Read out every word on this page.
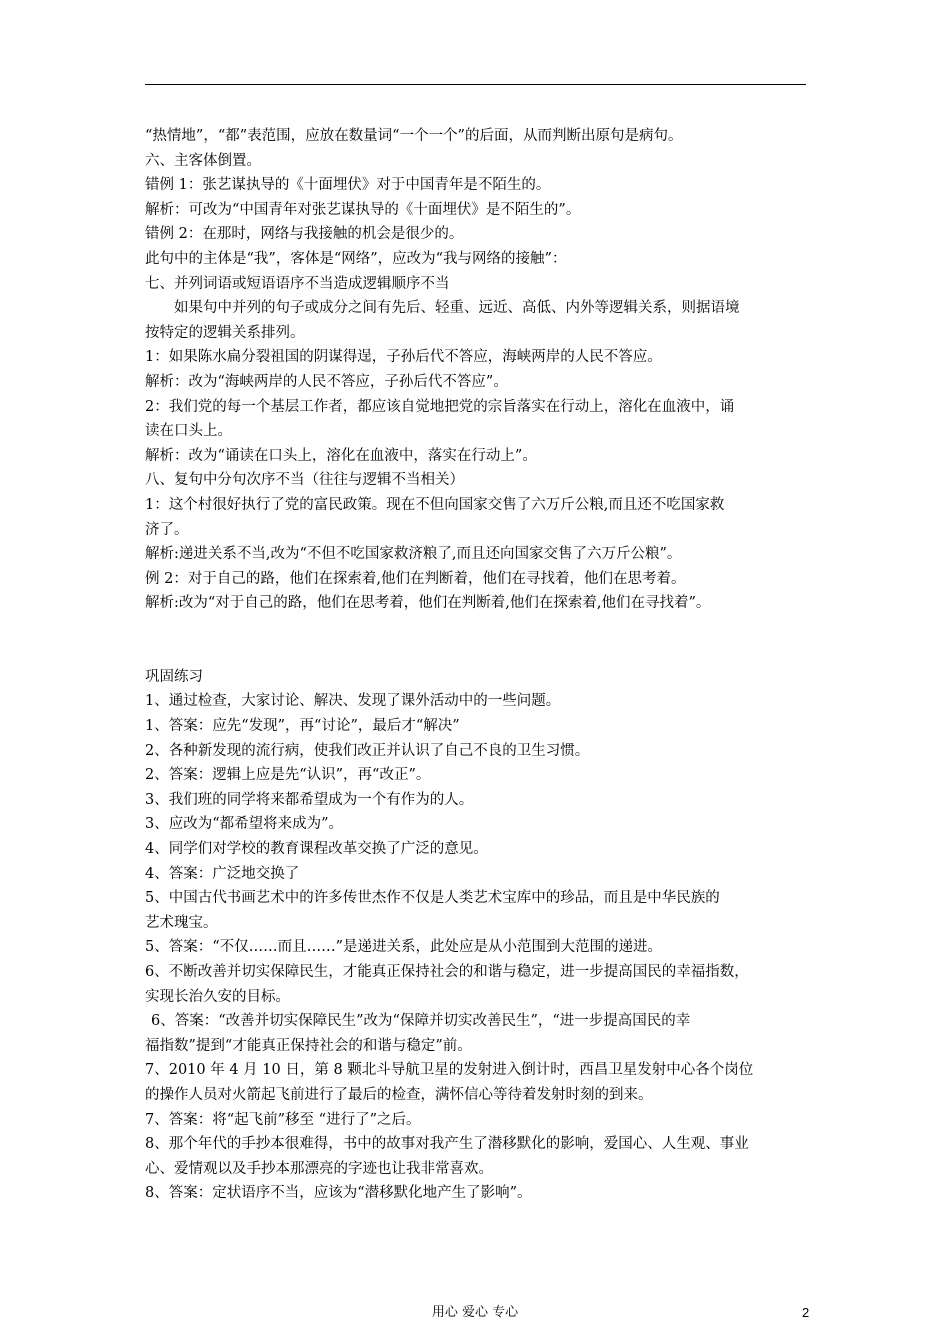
“热情地”，“都”表范围，应放在数量词“一个一个”的后面，从而判断出原句是病句。
六、主客体倒置。
错例 1：张艺谋执导的《十面埋伏》对于中国青年是不陌生的。
解析：可改为“中国青年对张艺谋执导的《十面埋伏》是不陌生的”。
错例 2：在那时，网络与我接触的机会是很少的。
此句中的主体是“我”，客体是“网络”，应改为“我与网络的接触”：
七、并列词语或短语语序不当造成逻辑顺序不当
如果句中并列的句子或成分之间有先后、轻重、远近、高低、内外等逻辑关系，则据语境
按特定的逻辑关系排列。
1：如果陈水扁分裂祖国的阴谋得逞，子孙后代不答应，海峡两岸的人民不答应。
解析：改为“海峡两岸的人民不答应，子孙后代不答应”。
2：我们党的每一个基层工作者，都应该自觉地把党的宗旨落实在行动上，溶化在血液中，诵
读在口头上。
解析：改为“诵读在口头上，溶化在血液中，落实在行动上”。
八、复句中分句次序不当（往往与逻辑不当相关）
1：这个村很好执行了党的富民政策。现在不但向国家交售了六万斤公粮,而且还不吃国家救
济了。
解析:递进关系不当,改为“不但不吃国家救济粮了,而且还向国家交售了六万斤公粮”。
例 2：对于自己的路，他们在探索着,他们在判断着，他们在寻找着，他们在思考着。
解析:改为“对于自己的路，他们在思考着，他们在判断着,他们在探索着,他们在寻找着”。
巩固练习
1、通过检查，大家讨论、解决、发现了课外活动中的一些问题。
1、答案：应先“发现”，再“讨论”，最后才“解决”
2、各种新发现的流行病，使我们改正并认识了自己不良的卫生习惯。
2、答案：逻辑上应是先“认识”，再“改正”。
3、我们班的同学将来都希望成为一个有作为的人。
3、应改为“都希望将来成为”。
4、同学们对学校的教育课程改革交换了广泛的意见。
4、答案：广泛地交换了
5、中国古代书画艺术中的许多传世杰作不仅是人类艺术宝库中的珍品，而且是中华民族的
艺术瑰宝。
5、答案：“不仅……而且……”是递进关系，此处应是从小范围到大范围的递进。
6、不断改善并切实保障民生，才能真正保持社会的和谐与稳定，进一步提高国民的幸福指数，
实现长治久安的目标。
6、答案：“改善并切实保障民生”改为“保障并切实改善民生”，“进一步提高国民的幸
福指数”提到“才能真正保持社会的和谐与稳定”前。
7、2010 年 4 月 10 日，第 8 颗北斗导航卫星的发射进入倒计时，西昌卫星发射中心各个岗位
的操作人员对火箭起飞前进行了最后的检查，满怀信心等待着发射时刻的到来。
7、答案：将“起飞前”移至 “进行了”之后。
8、那个年代的手抄本很难得，书中的故事对我产生了潜移默化的影响，爱国心、人生观、事业
心、爱情观以及手抄本那漂亮的字迹也让我非常喜欢。
8、答案：定状语序不当，应该为“潜移默化地产生了影响”。
用心 爱心 专心	2
